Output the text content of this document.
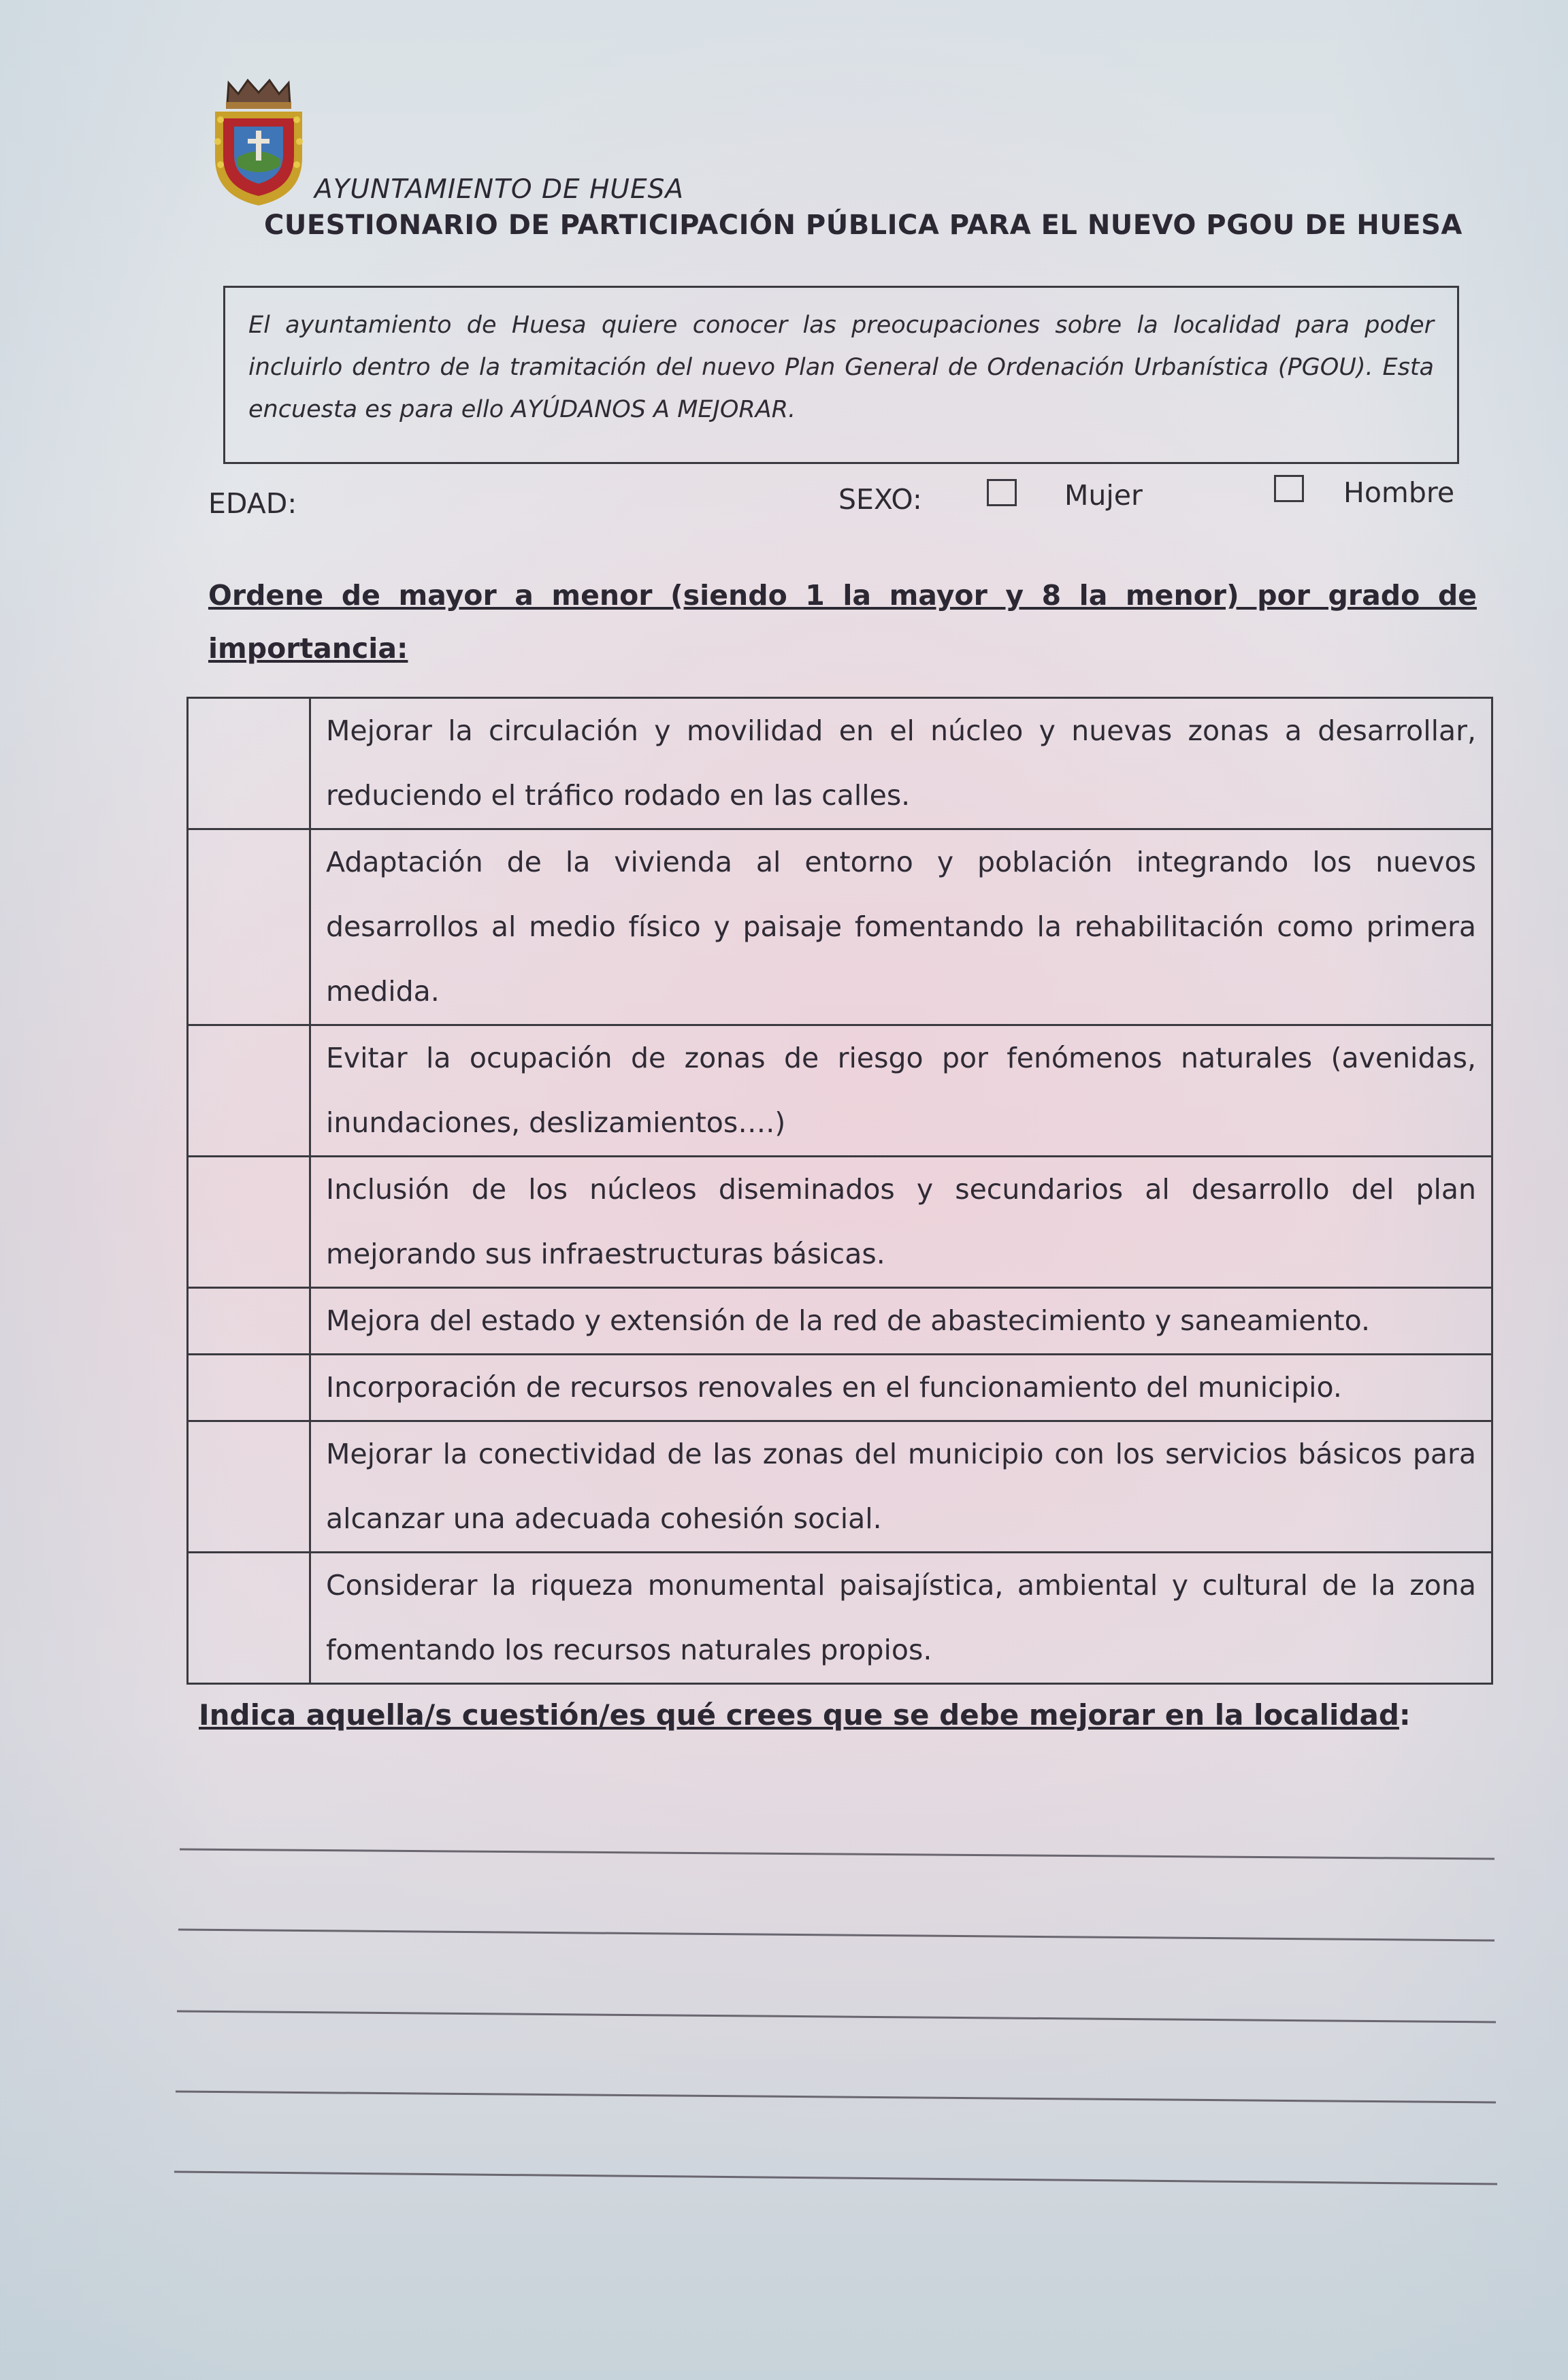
AYUNTAMIENTO DE HUESA
CUESTIONARIO DE PARTICIPACIÓN PÚBLICA PARA EL NUEVO PGOU DE HUESA
El ayuntamiento de Huesa quiere conocer las preocupaciones sobre la localidad para poder incluirlo dentro de la tramitación del nuevo Plan General de Ordenación Urbanística (PGOU). Esta encuesta es para ello AYÚDANOS A MEJORAR.
EDAD:	SEXO:	Mujer	Hombre
Ordene de mayor a menor (siendo 1 la mayor y 8 la menor) por grado de importancia:
	Mejorar la circulación y movilidad en el núcleo y nuevas zonas a desarrollar, reduciendo el tráfico rodado en las calles.
	Adaptación de la vivienda al entorno y población integrando los nuevos desarrollos al medio físico y paisaje fomentando la rehabilitación como primera medida.
	Evitar la ocupación de zonas de riesgo por fenómenos naturales (avenidas, inundaciones, deslizamientos….)
	Inclusión de los núcleos diseminados y secundarios al desarrollo del plan mejorando sus infraestructuras básicas.
	Mejora del estado y extensión de la red de abastecimiento y saneamiento.
	Incorporación de recursos renovales en el funcionamiento del municipio.
	Mejorar la conectividad de las zonas del municipio con los servicios básicos para alcanzar una adecuada cohesión social.
	Considerar la riqueza monumental paisajística, ambiental y cultural de la zona fomentando los recursos naturales propios.
Indica aquella/s cuestión/es qué crees que se debe mejorar en la localidad:
